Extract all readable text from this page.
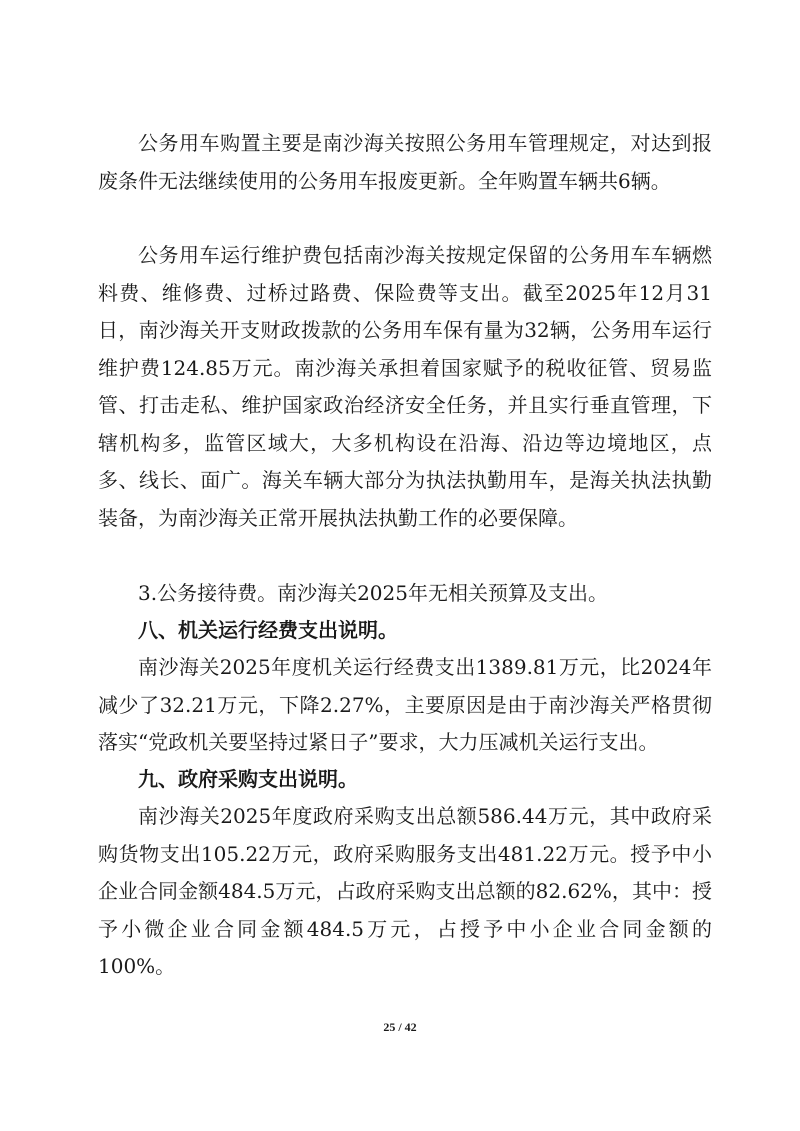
公务用车购置主要是南沙海关按照公务用车管理规定，对达到报废条件无法继续使用的公务用车报废更新。全年购置车辆共6辆。

公务用车运行维护费包括南沙海关按规定保留的公务用车车辆燃料费、维修费、过桥过路费、保险费等支出。截至2025年12月31日，南沙海关开支财政拨款的公务用车保有量为32辆，公务用车运行维护费124.85万元。南沙海关承担着国家赋予的税收征管、贸易监管、打击走私、维护国家政治经济安全任务，并且实行垂直管理，下辖机构多，监管区域大，大多机构设在沿海、沿边等边境地区，点多、线长、面广。海关车辆大部分为执法执勤用车，是海关执法执勤装备，为南沙海关正常开展执法执勤工作的必要保障。

3.公务接待费。南沙海关2025年无相关预算及支出。

八、机关运行经费支出说明。

南沙海关2025年度机关运行经费支出1389.81万元，比2024年减少了32.21万元，下降2.27%，主要原因是由于南沙海关严格贯彻落实“党政机关要坚持过紧日子”要求，大力压减机关运行支出。

九、政府采购支出说明。

南沙海关2025年度政府采购支出总额586.44万元，其中政府采购货物支出105.22万元，政府采购服务支出481.22万元。授予中小企业合同金额484.5万元，占政府采购支出总额的82.62%，其中：授予小微企业合同金额484.5万元，占授予中小企业合同金额的100%。

25 / 42
